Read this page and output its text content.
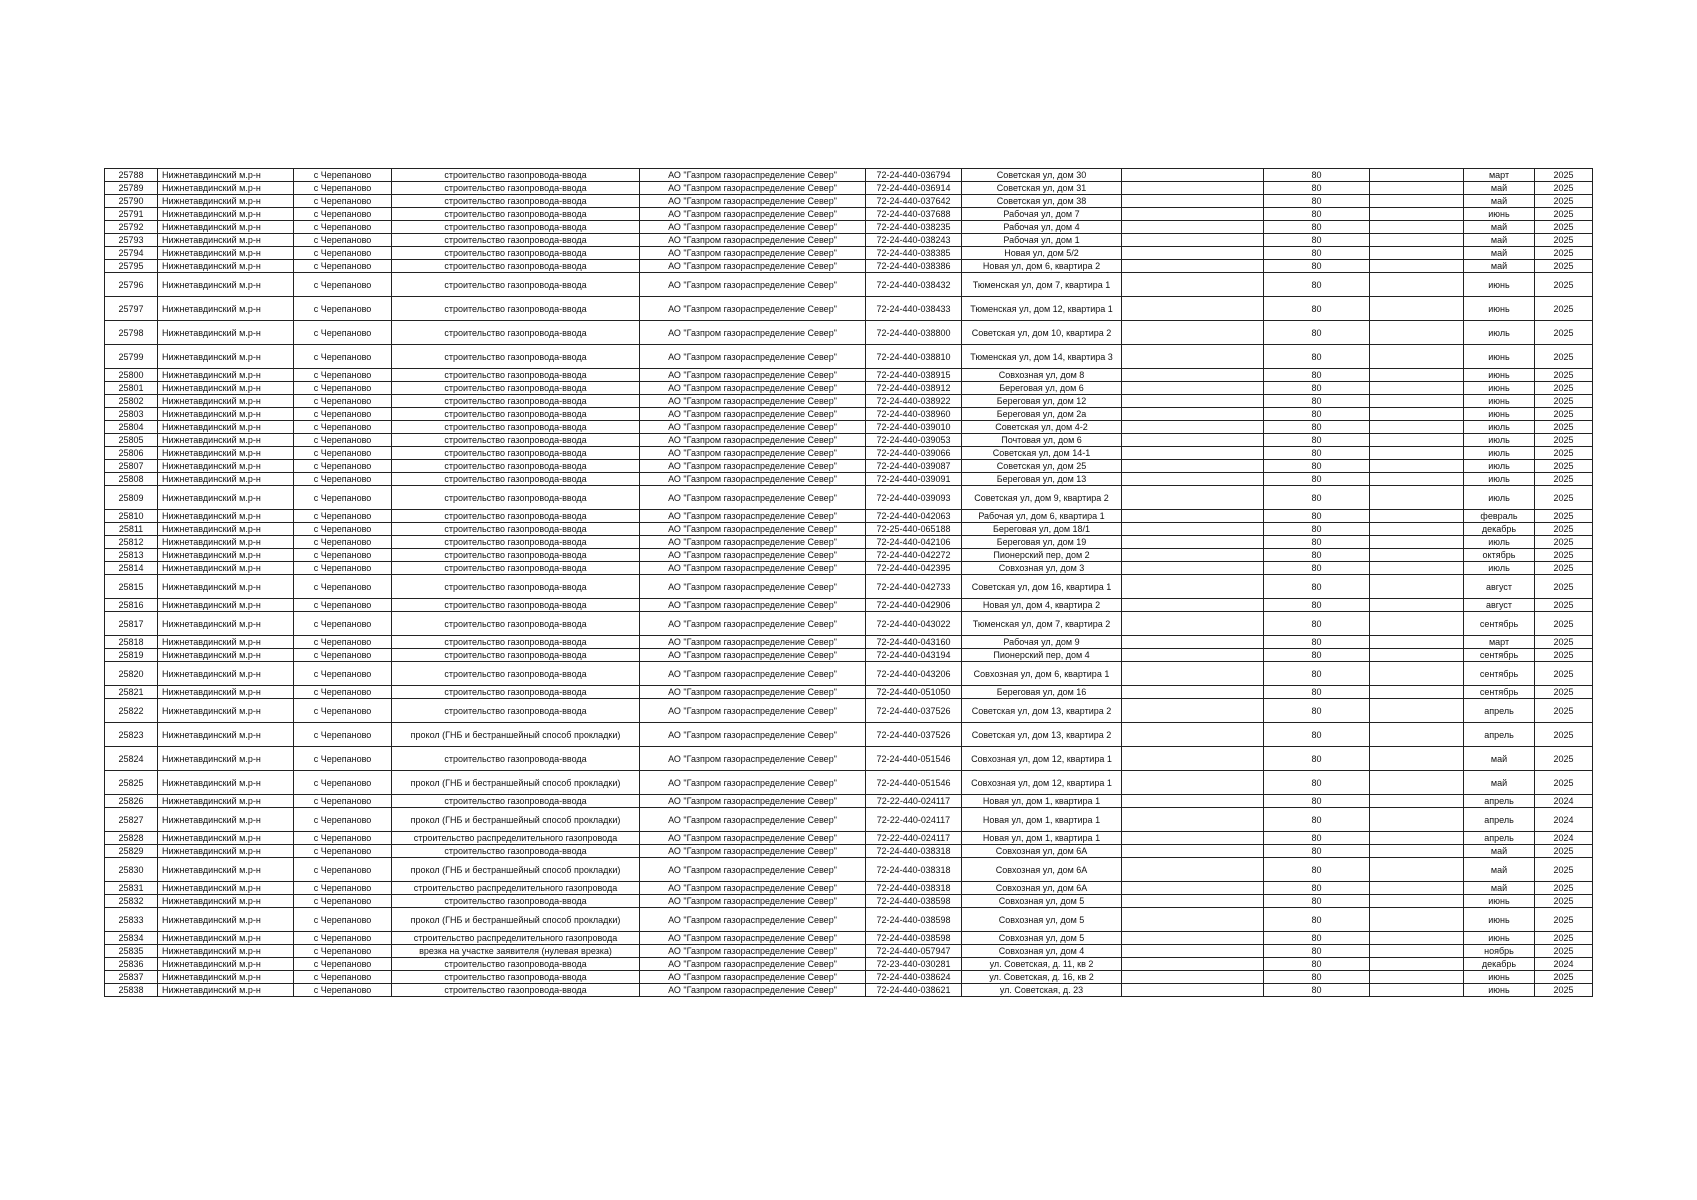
25788	Нижнетавдинский м.р-н	с Черепаново	строительство газопровода-ввода	АО "Газпром газораспределение Север"	72-24-440-036794	Советская ул, дом 30		80		март	2025
25789	Нижнетавдинский м.р-н	с Черепаново	строительство газопровода-ввода	АО "Газпром газораспределение Север"	72-24-440-036914	Советская ул, дом 31		80		май	2025
25790	Нижнетавдинский м.р-н	с Черепаново	строительство газопровода-ввода	АО "Газпром газораспределение Север"	72-24-440-037642	Советская ул, дом 38		80		май	2025
25791	Нижнетавдинский м.р-н	с Черепаново	строительство газопровода-ввода	АО "Газпром газораспределение Север"	72-24-440-037688	Рабочая ул, дом 7		80		июнь	2025
25792	Нижнетавдинский м.р-н	с Черепаново	строительство газопровода-ввода	АО "Газпром газораспределение Север"	72-24-440-038235	Рабочая ул, дом 4		80		май	2025
25793	Нижнетавдинский м.р-н	с Черепаново	строительство газопровода-ввода	АО "Газпром газораспределение Север"	72-24-440-038243	Рабочая ул, дом 1		80		май	2025
25794	Нижнетавдинский м.р-н	с Черепаново	строительство газопровода-ввода	АО "Газпром газораспределение Север"	72-24-440-038385	Новая ул, дом 5/2		80		май	2025
25795	Нижнетавдинский м.р-н	с Черепаново	строительство газопровода-ввода	АО "Газпром газораспределение Север"	72-24-440-038386	Новая ул, дом 6, квартира 2		80		май	2025
25796	Нижнетавдинский м.р-н	с Черепаново	строительство газопровода-ввода	АО "Газпром газораспределение Север"	72-24-440-038432	Тюменская ул, дом 7, квартира 1		80		июнь	2025
25797	Нижнетавдинский м.р-н	с Черепаново	строительство газопровода-ввода	АО "Газпром газораспределение Север"	72-24-440-038433	Тюменская ул, дом 12, квартира 1		80		июнь	2025
25798	Нижнетавдинский м.р-н	с Черепаново	строительство газопровода-ввода	АО "Газпром газораспределение Север"	72-24-440-038800	Советская ул, дом 10, квартира 2		80		июль	2025
25799	Нижнетавдинский м.р-н	с Черепаново	строительство газопровода-ввода	АО "Газпром газораспределение Север"	72-24-440-038810	Тюменская ул, дом 14, квартира 3		80		июнь	2025
25800	Нижнетавдинский м.р-н	с Черепаново	строительство газопровода-ввода	АО "Газпром газораспределение Север"	72-24-440-038915	Совхозная ул, дом 8		80		июнь	2025
25801	Нижнетавдинский м.р-н	с Черепаново	строительство газопровода-ввода	АО "Газпром газораспределение Север"	72-24-440-038912	Береговая ул, дом 6		80		июнь	2025
25802	Нижнетавдинский м.р-н	с Черепаново	строительство газопровода-ввода	АО "Газпром газораспределение Север"	72-24-440-038922	Береговая ул, дом 12		80		июнь	2025
25803	Нижнетавдинский м.р-н	с Черепаново	строительство газопровода-ввода	АО "Газпром газораспределение Север"	72-24-440-038960	Береговая ул, дом 2а		80		июнь	2025
25804	Нижнетавдинский м.р-н	с Черепаново	строительство газопровода-ввода	АО "Газпром газораспределение Север"	72-24-440-039010	Советская ул, дом 4-2		80		июль	2025
25805	Нижнетавдинский м.р-н	с Черепаново	строительство газопровода-ввода	АО "Газпром газораспределение Север"	72-24-440-039053	Почтовая ул, дом 6		80		июль	2025
25806	Нижнетавдинский м.р-н	с Черепаново	строительство газопровода-ввода	АО "Газпром газораспределение Север"	72-24-440-039066	Советская ул, дом 14-1		80		июль	2025
25807	Нижнетавдинский м.р-н	с Черепаново	строительство газопровода-ввода	АО "Газпром газораспределение Север"	72-24-440-039087	Советская ул, дом 25		80		июль	2025
25808	Нижнетавдинский м.р-н	с Черепаново	строительство газопровода-ввода	АО "Газпром газораспределение Север"	72-24-440-039091	Береговая ул, дом 13		80		июль	2025
25809	Нижнетавдинский м.р-н	с Черепаново	строительство газопровода-ввода	АО "Газпром газораспределение Север"	72-24-440-039093	Советская ул, дом 9, квартира 2		80		июль	2025
25810	Нижнетавдинский м.р-н	с Черепаново	строительство газопровода-ввода	АО "Газпром газораспределение Север"	72-24-440-042063	Рабочая ул, дом 6, квартира 1		80		февраль	2025
25811	Нижнетавдинский м.р-н	с Черепаново	строительство газопровода-ввода	АО "Газпром газораспределение Север"	72-25-440-065188	Береговая ул, дом 18/1		80		декабрь	2025
25812	Нижнетавдинский м.р-н	с Черепаново	строительство газопровода-ввода	АО "Газпром газораспределение Север"	72-24-440-042106	Береговая ул, дом 19		80		июль	2025
25813	Нижнетавдинский м.р-н	с Черепаново	строительство газопровода-ввода	АО "Газпром газораспределение Север"	72-24-440-042272	Пионерский пер, дом 2		80		октябрь	2025
25814	Нижнетавдинский м.р-н	с Черепаново	строительство газопровода-ввода	АО "Газпром газораспределение Север"	72-24-440-042395	Совхозная ул, дом 3		80		июль	2025
25815	Нижнетавдинский м.р-н	с Черепаново	строительство газопровода-ввода	АО "Газпром газораспределение Север"	72-24-440-042733	Советская ул, дом 16, квартира 1		80		август	2025
25816	Нижнетавдинский м.р-н	с Черепаново	строительство газопровода-ввода	АО "Газпром газораспределение Север"	72-24-440-042906	Новая ул, дом 4, квартира 2		80		август	2025
25817	Нижнетавдинский м.р-н	с Черепаново	строительство газопровода-ввода	АО "Газпром газораспределение Север"	72-24-440-043022	Тюменская ул, дом 7, квартира 2		80		сентябрь	2025
25818	Нижнетавдинский м.р-н	с Черепаново	строительство газопровода-ввода	АО "Газпром газораспределение Север"	72-24-440-043160	Рабочая ул, дом 9		80		март	2025
25819	Нижнетавдинский м.р-н	с Черепаново	строительство газопровода-ввода	АО "Газпром газораспределение Север"	72-24-440-043194	Пионерский пер, дом 4		80		сентябрь	2025
25820	Нижнетавдинский м.р-н	с Черепаново	строительство газопровода-ввода	АО "Газпром газораспределение Север"	72-24-440-043206	Совхозная ул, дом 6, квартира 1		80		сентябрь	2025
25821	Нижнетавдинский м.р-н	с Черепаново	строительство газопровода-ввода	АО "Газпром газораспределение Север"	72-24-440-051050	Береговая ул, дом 16		80		сентябрь	2025
25822	Нижнетавдинский м.р-н	с Черепаново	строительство газопровода-ввода	АО "Газпром газораспределение Север"	72-24-440-037526	Советская ул, дом 13, квартира 2		80		апрель	2025
25823	Нижнетавдинский м.р-н	с Черепаново	прокол (ГНБ и бестраншейный способ прокладки)	АО "Газпром газораспределение Север"	72-24-440-037526	Советская ул, дом 13, квартира 2		80		апрель	2025
25824	Нижнетавдинский м.р-н	с Черепаново	строительство газопровода-ввода	АО "Газпром газораспределение Север"	72-24-440-051546	Совхозная ул, дом 12, квартира 1		80		май	2025
25825	Нижнетавдинский м.р-н	с Черепаново	прокол (ГНБ и бестраншейный способ прокладки)	АО "Газпром газораспределение Север"	72-24-440-051546	Совхозная ул, дом 12, квартира 1		80		май	2025
25826	Нижнетавдинский м.р-н	с Черепаново	строительство газопровода-ввода	АО "Газпром газораспределение Север"	72-22-440-024117	Новая ул, дом 1, квартира 1		80		апрель	2024
25827	Нижнетавдинский м.р-н	с Черепаново	прокол (ГНБ и бестраншейный способ прокладки)	АО "Газпром газораспределение Север"	72-22-440-024117	Новая ул, дом 1, квартира 1		80		апрель	2024
25828	Нижнетавдинский м.р-н	с Черепаново	строительство распределительного газопровода	АО "Газпром газораспределение Север"	72-22-440-024117	Новая ул, дом 1, квартира 1		80		апрель	2024
25829	Нижнетавдинский м.р-н	с Черепаново	строительство газопровода-ввода	АО "Газпром газораспределение Север"	72-24-440-038318	Совхозная ул, дом 6А		80		май	2025
25830	Нижнетавдинский м.р-н	с Черепаново	прокол (ГНБ и бестраншейный способ прокладки)	АО "Газпром газораспределение Север"	72-24-440-038318	Совхозная ул, дом 6А		80		май	2025
25831	Нижнетавдинский м.р-н	с Черепаново	строительство распределительного газопровода	АО "Газпром газораспределение Север"	72-24-440-038318	Совхозная ул, дом 6А		80		май	2025
25832	Нижнетавдинский м.р-н	с Черепаново	строительство газопровода-ввода	АО "Газпром газораспределение Север"	72-24-440-038598	Совхозная ул, дом 5		80		июнь	2025
25833	Нижнетавдинский м.р-н	с Черепаново	прокол (ГНБ и бестраншейный способ прокладки)	АО "Газпром газораспределение Север"	72-24-440-038598	Совхозная ул, дом 5		80		июнь	2025
25834	Нижнетавдинский м.р-н	с Черепаново	строительство распределительного газопровода	АО "Газпром газораспределение Север"	72-24-440-038598	Совхозная ул, дом 5		80		июнь	2025
25835	Нижнетавдинский м.р-н	с Черепаново	врезка на участке заявителя (нулевая врезка)	АО "Газпром газораспределение Север"	72-24-440-057947	Совхозная ул, дом 4		80		ноябрь	2025
25836	Нижнетавдинский м.р-н	с Черепаново	строительство газопровода-ввода	АО "Газпром газораспределение Север"	72-23-440-030281	ул. Советская, д. 11, кв 2		80		декабрь	2024
25837	Нижнетавдинский м.р-н	с Черепаново	строительство газопровода-ввода	АО "Газпром газораспределение Север"	72-24-440-038624	ул. Советская, д. 16, кв 2		80		июнь	2025
25838	Нижнетавдинский м.р-н	с Черепаново	строительство газопровода-ввода	АО "Газпром газораспределение Север"	72-24-440-038621	ул. Советская, д. 23		80		июнь	2025
